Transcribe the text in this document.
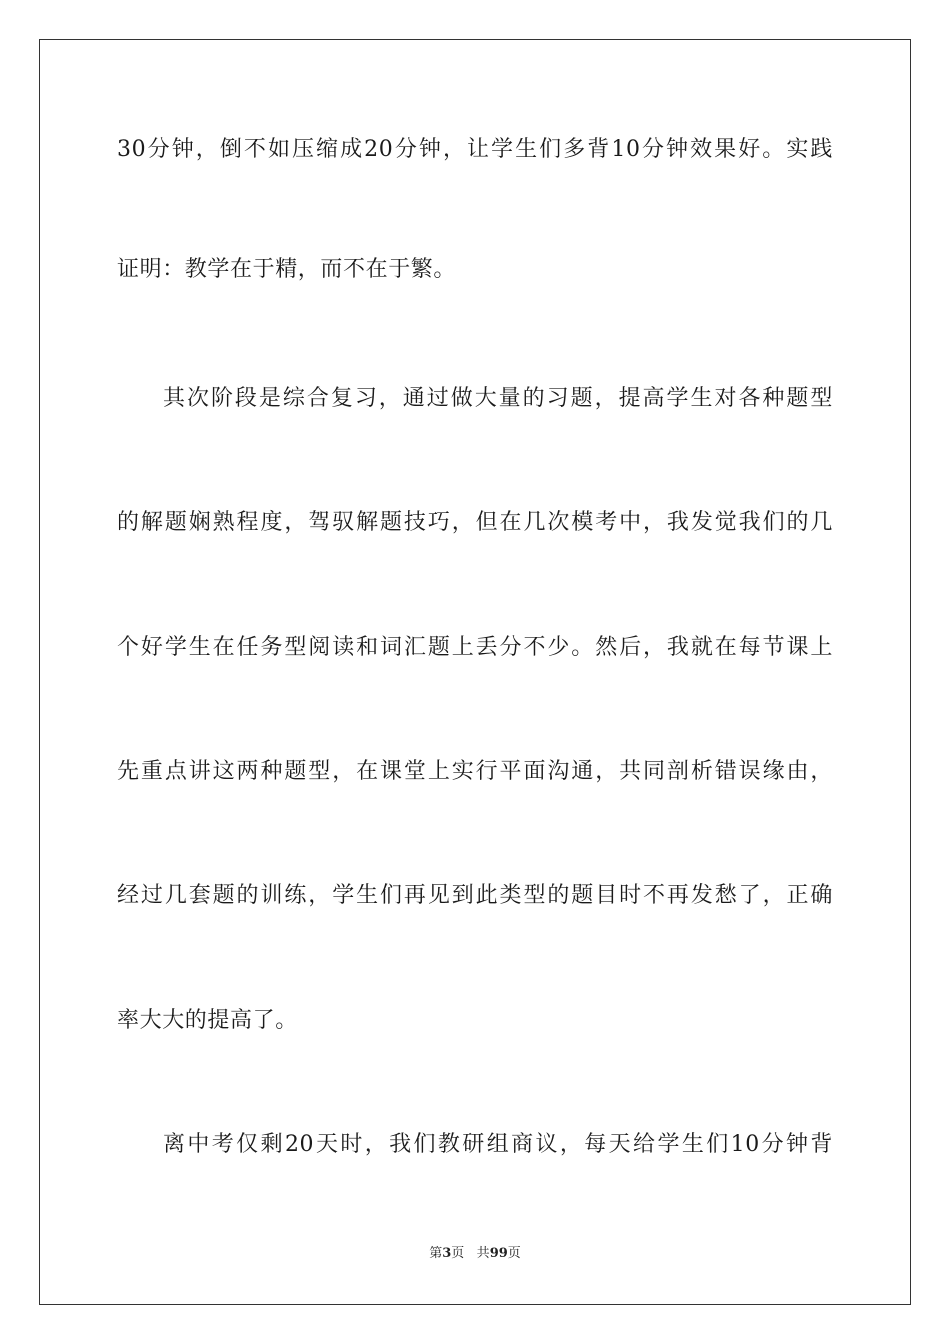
30分钟，倒不如压缩成20分钟，让学生们多背10分钟效果好。实践
证明：教学在于精，而不在于繁。
其次阶段是综合复习，通过做大量的习题，提高学生对各种题型
的解题娴熟程度，驾驭解题技巧，但在几次模考中，我发觉我们的几
个好学生在任务型阅读和词汇题上丢分不少。然后，我就在每节课上
先重点讲这两种题型，在课堂上实行平面沟通，共同剖析错误缘由，
经过几套题的训练，学生们再见到此类型的题目时不再发愁了，正确
率大大的提高了。
离中考仅剩20天时，我们教研组商议，每天给学生们10分钟背
第3页 共99页
